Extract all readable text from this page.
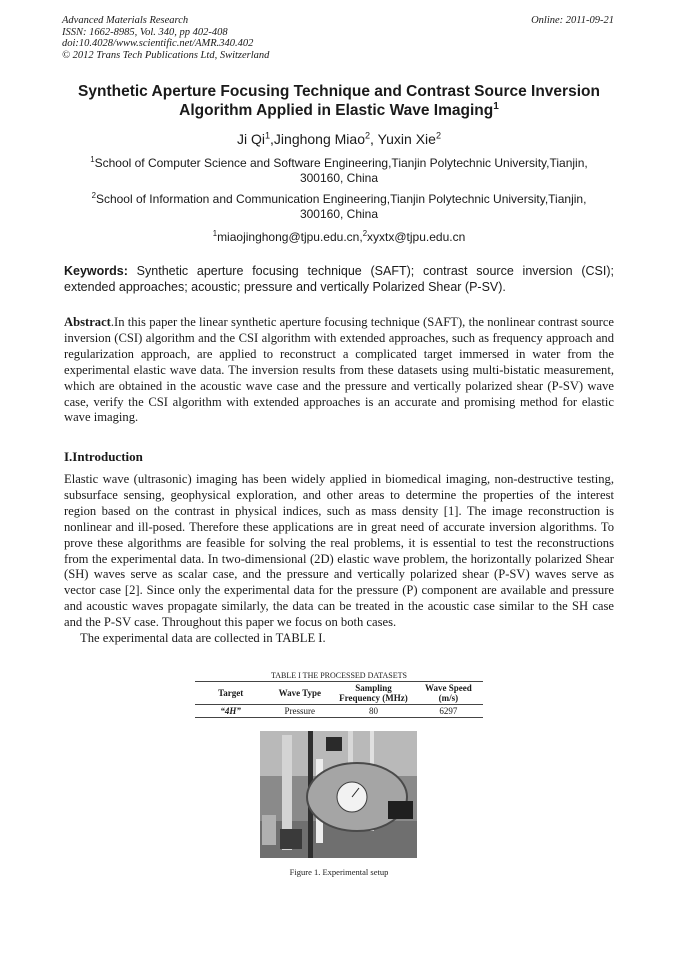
Advanced Materials Research
ISSN: 1662-8985, Vol. 340, pp 402-408
doi:10.4028/www.scientific.net/AMR.340.402
© 2012 Trans Tech Publications Ltd, Switzerland
Online: 2011-09-21
Synthetic Aperture Focusing Technique and Contrast Source Inversion
Algorithm Applied in Elastic Wave Imaging$^1$
Ji Qi$^1$,Jinghong Miao$^2$, Yuxin Xie$^2$
$^1$School of Computer Science and Software Engineering,Tianjin Polytechnic University,Tianjin,
300160, China
$^2$School of Information and Communication Engineering,Tianjin Polytechnic University,Tianjin,
300160, China
$^1$miaojinghong@tjpu.edu.cn,$^2$xyxtx@tjpu.edu.cn
Keywords: Synthetic aperture focusing technique (SAFT); contrast source inversion (CSI); extended approaches; acoustic; pressure and vertically Polarized Shear (P-SV).
Abstract.In this paper the linear synthetic aperture focusing technique (SAFT), the nonlinear contrast source inversion (CSI) algorithm and the CSI algorithm with extended approaches, such as frequency approach and regularization approach, are applied to reconstruct a complicated target immersed in water from the experimental elastic wave data. The inversion results from these datasets using multi-bistatic measurement, which are obtained in the acoustic wave case and the pressure and vertically polarized shear (P-SV) wave case, verify the CSI algorithm with extended approaches is an accurate and promising method for elastic wave imaging.
I.Introduction

Elastic wave (ultrasonic) imaging has been widely applied in biomedical imaging, non-destructive testing, subsurface sensing, geophysical exploration, and other areas to determine the properties of the interest region based on the contrast in physical indices, such as mass density [1]. The image reconstruction is nonlinear and ill-posed. Therefore these applications are in great need of accurate inversion algorithms. To prove these algorithms are feasible for solving the real problems, it is essential to test the reconstructions from the experimental data. In two-dimensional (2D) elastic wave problem, the horizontally polarized Shear (SH) waves serve as scalar case, and the pressure and vertically polarized shear (P-SV) waves serve as vector case [2]. Since only the experimental data for the pressure (P) component are available and pressure and acoustic waves propagate similarly, the data can be treated in the acoustic case similar to the SH case and the P-SV case. Throughout this paper we focus on both cases.

The experimental data are collected in TABLE I.

TABLE I THE PROCESSED DATASETS
Target	Wave Type	Sampling Frequency (MHz)	Wave Speed (m/s)
“4H”	Pressure	80	6297
Figure 1. Experimental setup
